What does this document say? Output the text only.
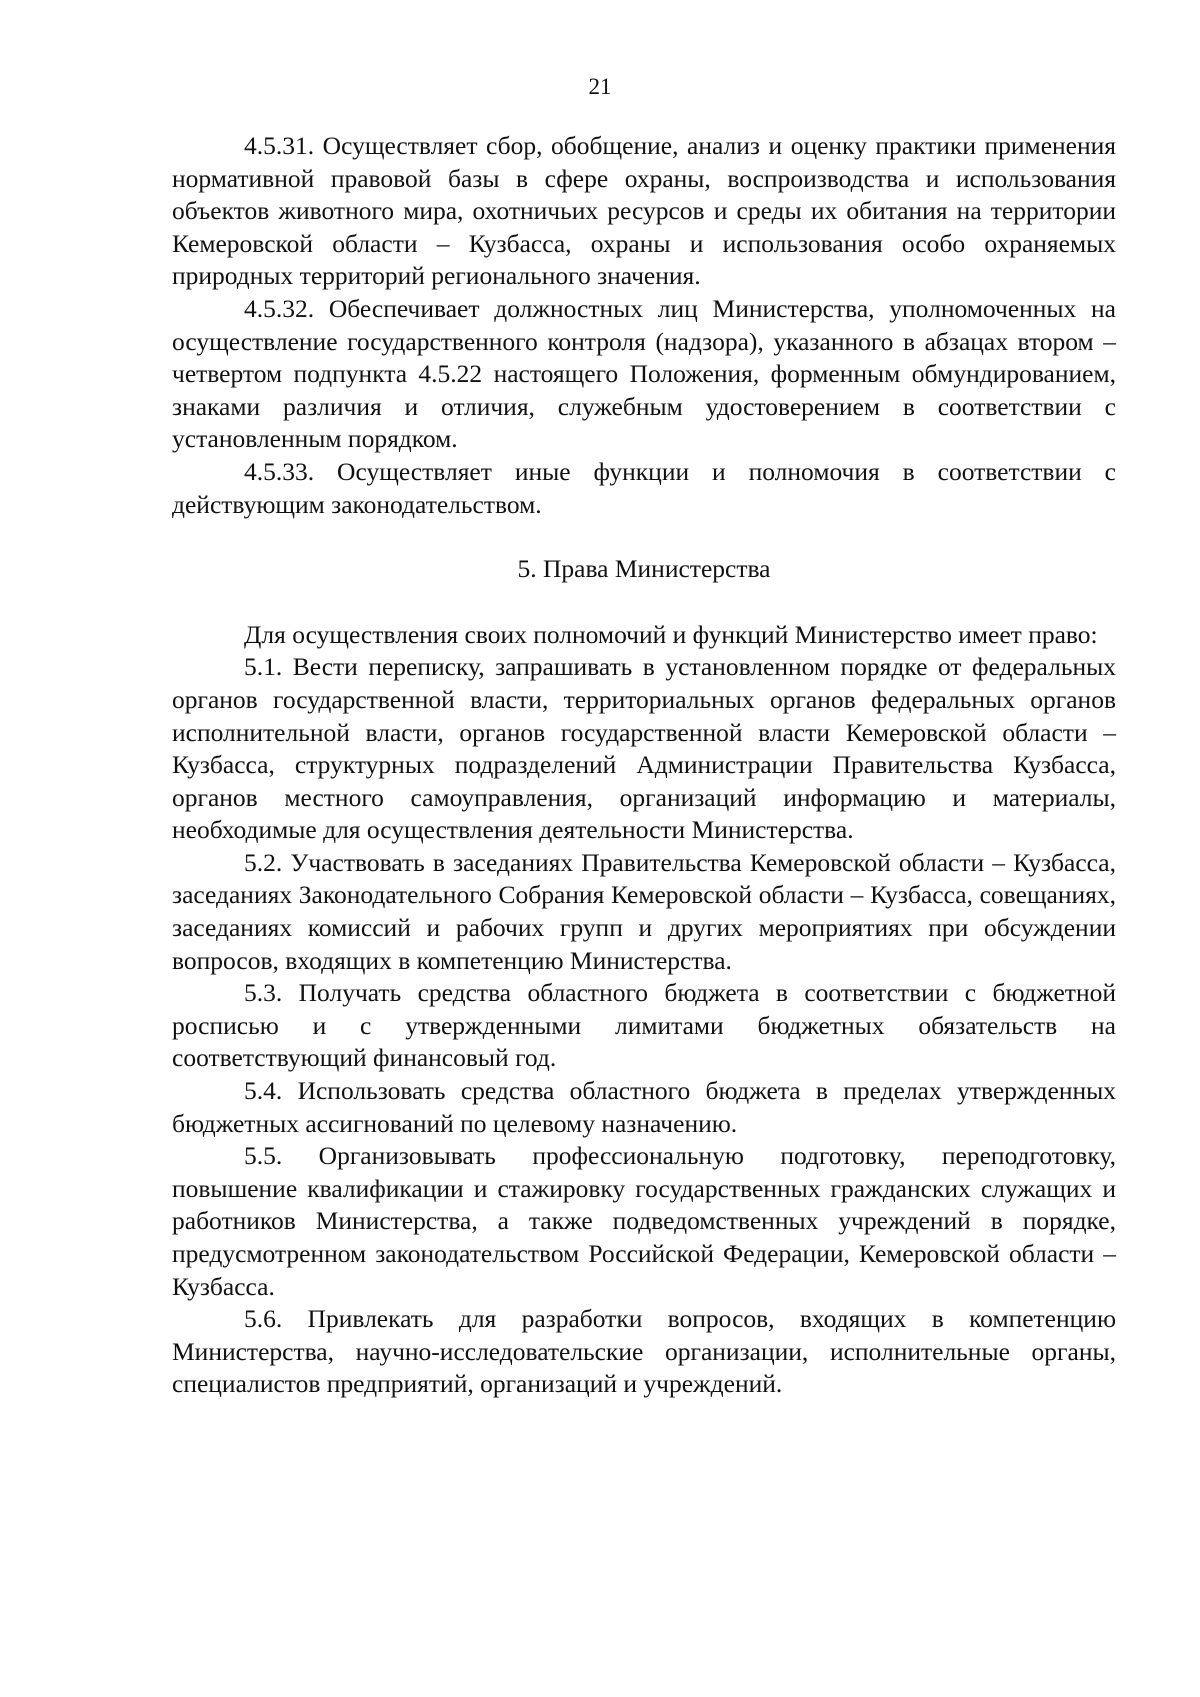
21

4.5.31. Осуществляет сбор, обобщение, анализ и оценку практики применения нормативной правовой базы в сфере охраны, воспроизводства и использования объектов животного мира, охотничьих ресурсов и среды их обитания на территории Кемеровской области – Кузбасса, охраны и использования особо охраняемых природных территорий регионального значения.

4.5.32. Обеспечивает должностных лиц Министерства, уполномоченных на осуществление государственного контроля (надзора), указанного в абзацах втором – четвертом подпункта 4.5.22 настоящего Положения, форменным обмундированием, знаками различия и отличия, служебным удостоверением в соответствии с установленным порядком.

4.5.33. Осуществляет иные функции и полномочия в соответствии с действующим законодательством.

5. Права Министерства

Для осуществления своих полномочий и функций Министерство имеет право:

5.1. Вести переписку, запрашивать в установленном порядке от федеральных органов государственной власти, территориальных органов федеральных органов исполнительной власти, органов государственной власти Кемеровской области – Кузбасса, структурных подразделений Администрации Правительства Кузбасса, органов местного самоуправления, организаций информацию и материалы, необходимые для осуществления деятельности Министерства.

5.2. Участвовать в заседаниях Правительства Кемеровской области – Кузбасса, заседаниях Законодательного Собрания Кемеровской области – Кузбасса, совещаниях, заседаниях комиссий и рабочих групп и других мероприятиях при обсуждении вопросов, входящих в компетенцию Министерства.

5.3. Получать средства областного бюджета в соответствии с бюджетной росписью и с утвержденными лимитами бюджетных обязательств на соответствующий финансовый год.

5.4. Использовать средства областного бюджета в пределах утвержденных бюджетных ассигнований по целевому назначению.

5.5. Организовывать профессиональную подготовку, переподготовку, повышение квалификации и стажировку государственных гражданских служащих и работников Министерства, а также подведомственных учреждений в порядке, предусмотренном законодательством Российской Федерации, Кемеровской области – Кузбасса.

5.6. Привлекать для разработки вопросов, входящих в компетенцию Министерства, научно-исследовательские организации, исполнительные органы, специалистов предприятий, организаций и учреждений.
